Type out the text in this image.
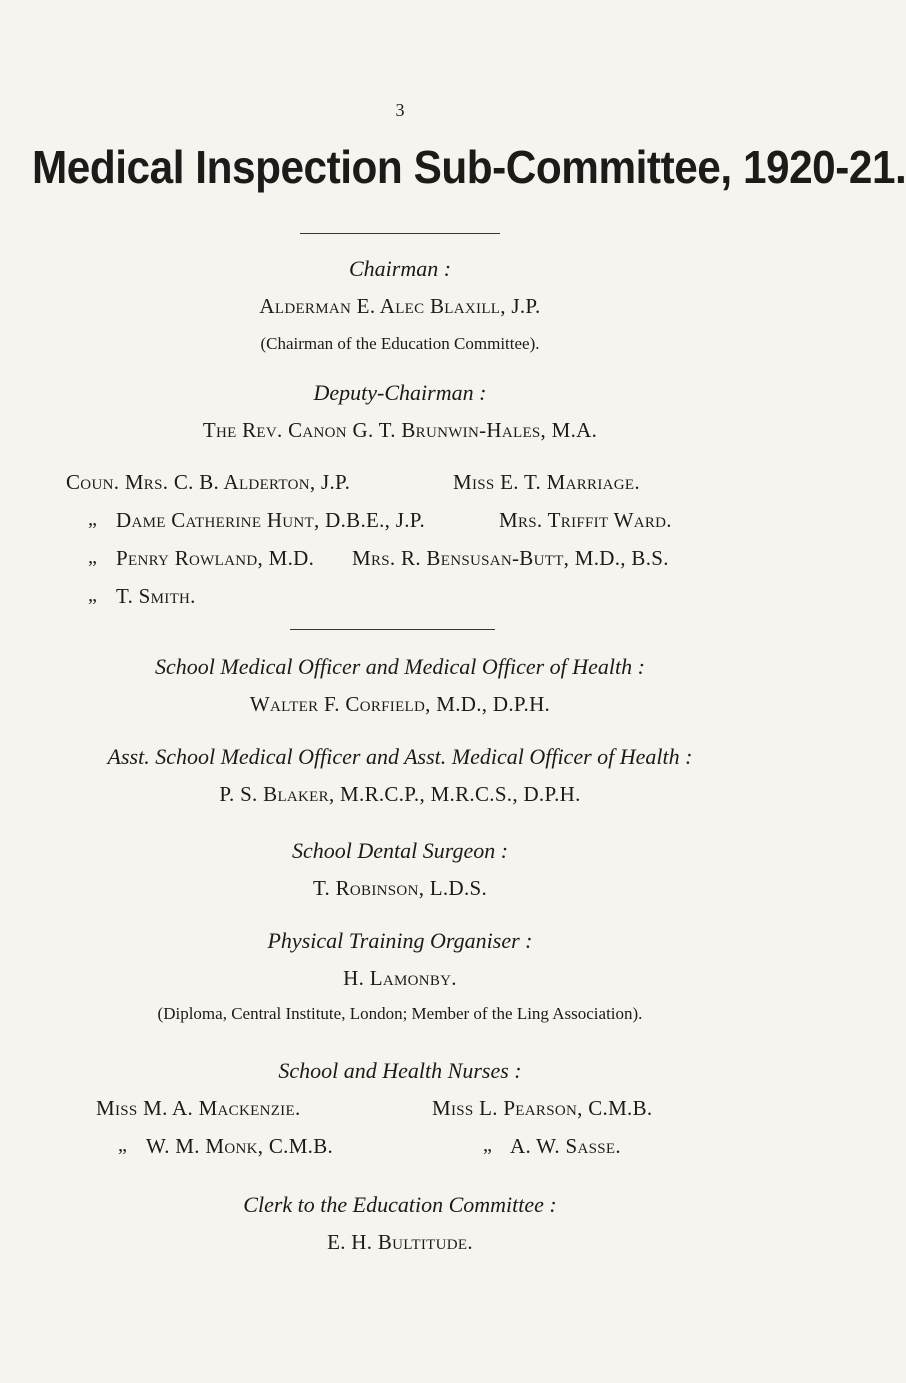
3
Medical Inspection Sub-Committee, 1920-21.
Chairman :
Alderman E. Alec Blaxill, J.P.
(Chairman of the Education Committee).
Deputy-Chairman :
The Rev. Canon G. T. Brunwin-Hales, M.A.
Coun. Mrs. C. B. Alderton, J.P.	Miss E. T. Marriage.
„ Dame Catherine Hunt, D.B.E., J.P.	Mrs. Triffit Ward.
„ Penry Rowland, M.D. Mrs. R. Bensusan-Butt, M.D., B.S.
„ T. Smith.
School Medical Officer and Medical Officer of Health :
Walter F. Corfield, M.D., D.P.H.
Asst. School Medical Officer and Asst. Medical Officer of Health :
P. S. Blaker, M.R.C.P., M.R.C.S., D.P.H.
School Dental Surgeon :
T. Robinson, L.D.S.
Physical Training Organiser :
H. Lamonby.
(Diploma, Central Institute, London; Member of the Ling Association).
School and Health Nurses :
Miss M. A. Mackenzie.	Miss L. Pearson, C.M.B.
„ W. M. Monk, C.M.B.	„ A. W. Sasse.
Clerk to the Education Committee :
E. H. Bultitude.
